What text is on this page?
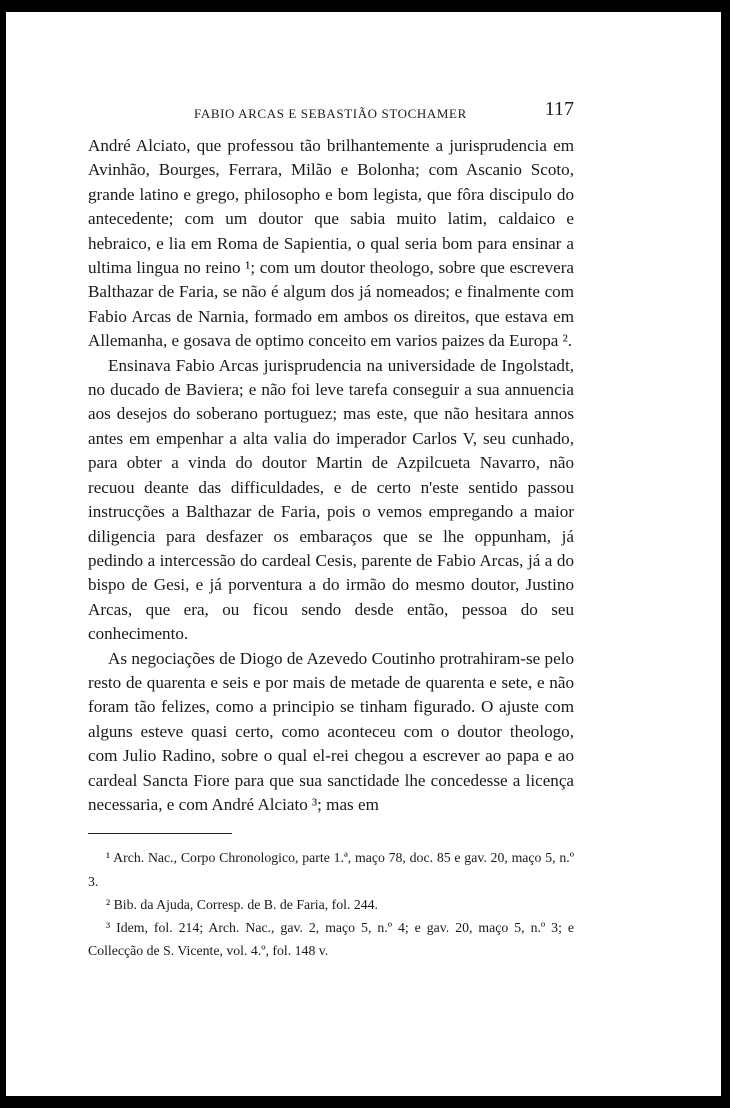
FABIO ARCAS E SEBASTIÃO STOCHAMER	117

André Alciato, que professou tão brilhantemente a jurisprudencia em Avinhão, Bourges, Ferrara, Milão e Bolonha; com Ascanio Scoto, grande latino e grego, philosopho e bom legista, que fôra discipulo do antecedente; com um doutor que sabia muito latim, caldaico e hebraico, e lia em Roma de Sapientia, o qual seria bom para ensinar a ultima lingua no reino ¹; com um doutor theologo, sobre que escrevera Balthazar de Faria, se não é algum dos já nomeados; e finalmente com Fabio Arcas de Narnia, formado em ambos os direitos, que estava em Allemanha, e gosava de optimo conceito em varios paizes da Europa ².

Ensinava Fabio Arcas jurisprudencia na universidade de Ingolstadt, no ducado de Baviera; e não foi leve tarefa conseguir a sua annuencia aos desejos do soberano portuguez; mas este, que não hesitara annos antes em empenhar a alta valia do imperador Carlos V, seu cunhado, para obter a vinda do doutor Martin de Azpilcueta Navarro, não recuou deante das difficuldades, e de certo n'este sentido passou instrucções a Balthazar de Faria, pois o vemos empregando a maior diligencia para desfazer os embaraços que se lhe oppunham, já pedindo a intercessão do cardeal Cesis, parente de Fabio Arcas, já a do bispo de Gesi, e já porventura a do irmão do mesmo doutor, Justino Arcas, que era, ou ficou sendo desde então, pessoa do seu conhecimento.

As negociações de Diogo de Azevedo Coutinho protrahiram-se pelo resto de quarenta e seis e por mais de metade de quarenta e sete, e não foram tão felizes, como a principio se tinham figurado. O ajuste com alguns esteve quasi certo, como aconteceu com o doutor theologo, com Julio Radino, sobre o qual el-rei chegou a escrever ao papa e ao cardeal Sancta Fiore para que sua sanctidade lhe concedesse a licença necessaria, e com André Alciato ³; mas em

¹ Arch. Nac., Corpo Chronologico, parte 1.ª, maço 78, doc. 85 e gav. 20, maço 5, n.º 3.

² Bib. da Ajuda, Corresp. de B. de Faria, fol. 244.

³ Idem, fol. 214; Arch. Nac., gav. 2, maço 5, n.º 4; e gav. 20, maço 5, n.º 3; e Collecção de S. Vicente, vol. 4.º, fol. 148 v.
